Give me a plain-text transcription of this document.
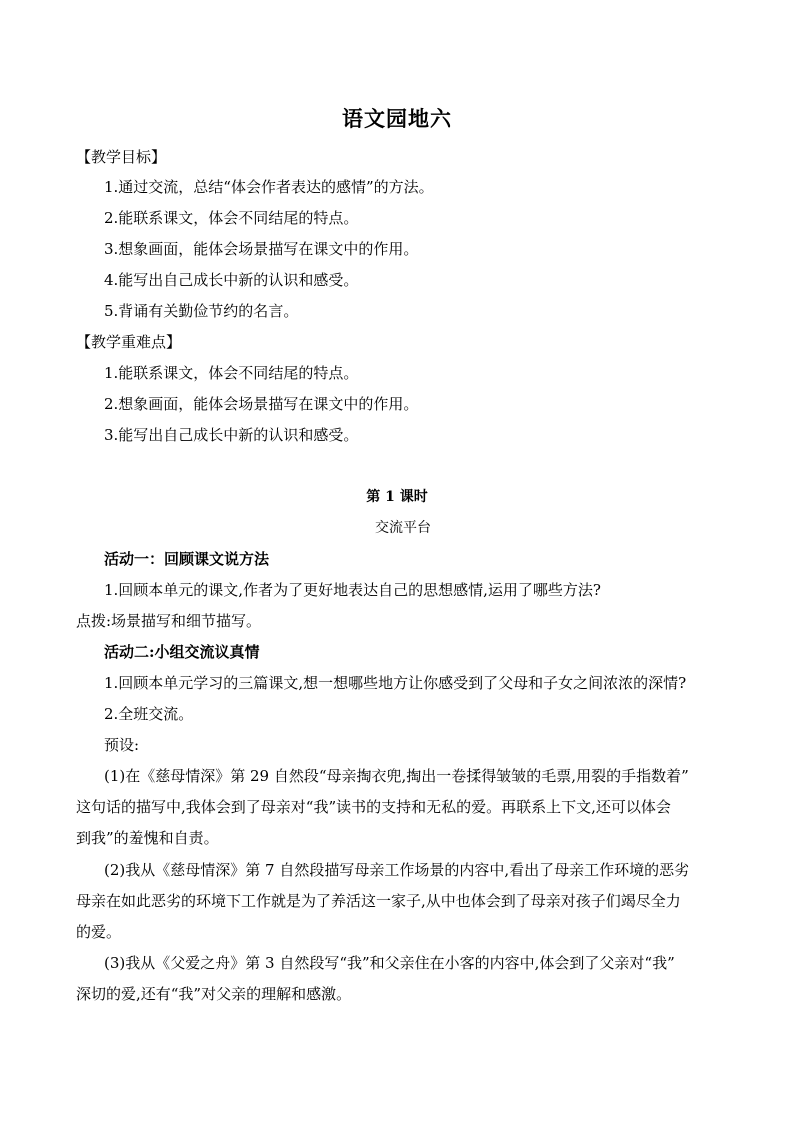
语文园地六
【教学目标】
1.通过交流，总结“体会作者表达的感情”的方法。
2.能联系课文，体会不同结尾的特点。
3.想象画面，能体会场景描写在课文中的作用。
4.能写出自己成长中新的认识和感受。
5.背诵有关勤俭节约的名言。
【教学重难点】
1.能联系课文，体会不同结尾的特点。
2.想象画面，能体会场景描写在课文中的作用。
3.能写出自己成长中新的认识和感受。
第 1 课时
交流平台
活动一：回顾课文说方法
1.回顾本单元的课文,作者为了更好地表达自己的思想感情,运用了哪些方法?
点拨:场景描写和细节描写。
活动二:小组交流议真情
1.回顾本单元学习的三篇课文,想一想哪些地方让你感受到了父母和子女之间浓浓的深情?
2.全班交流。
预设:
(1)在《慈母情深》第 29 自然段“母亲掏衣兜,掏出一卷揉得皱皱的毛票,用裂的手指数着”
这句话的描写中,我体会到了母亲对“我”读书的支持和无私的爱。再联系上下文,还可以体会
到我”的羞愧和自责。
(2)我从《慈母情深》第 7 自然段描写母亲工作场景的内容中,看出了母亲工作环境的恶劣
母亲在如此恶劣的环境下工作就是为了养活这一家子,从中也体会到了母亲对孩子们竭尽全力
的爱。
(3)我从《父爱之舟》第 3 自然段写“我”和父亲住在小客的内容中,体会到了父亲对“我”
深切的爱,还有“我”对父亲的理解和感激。
